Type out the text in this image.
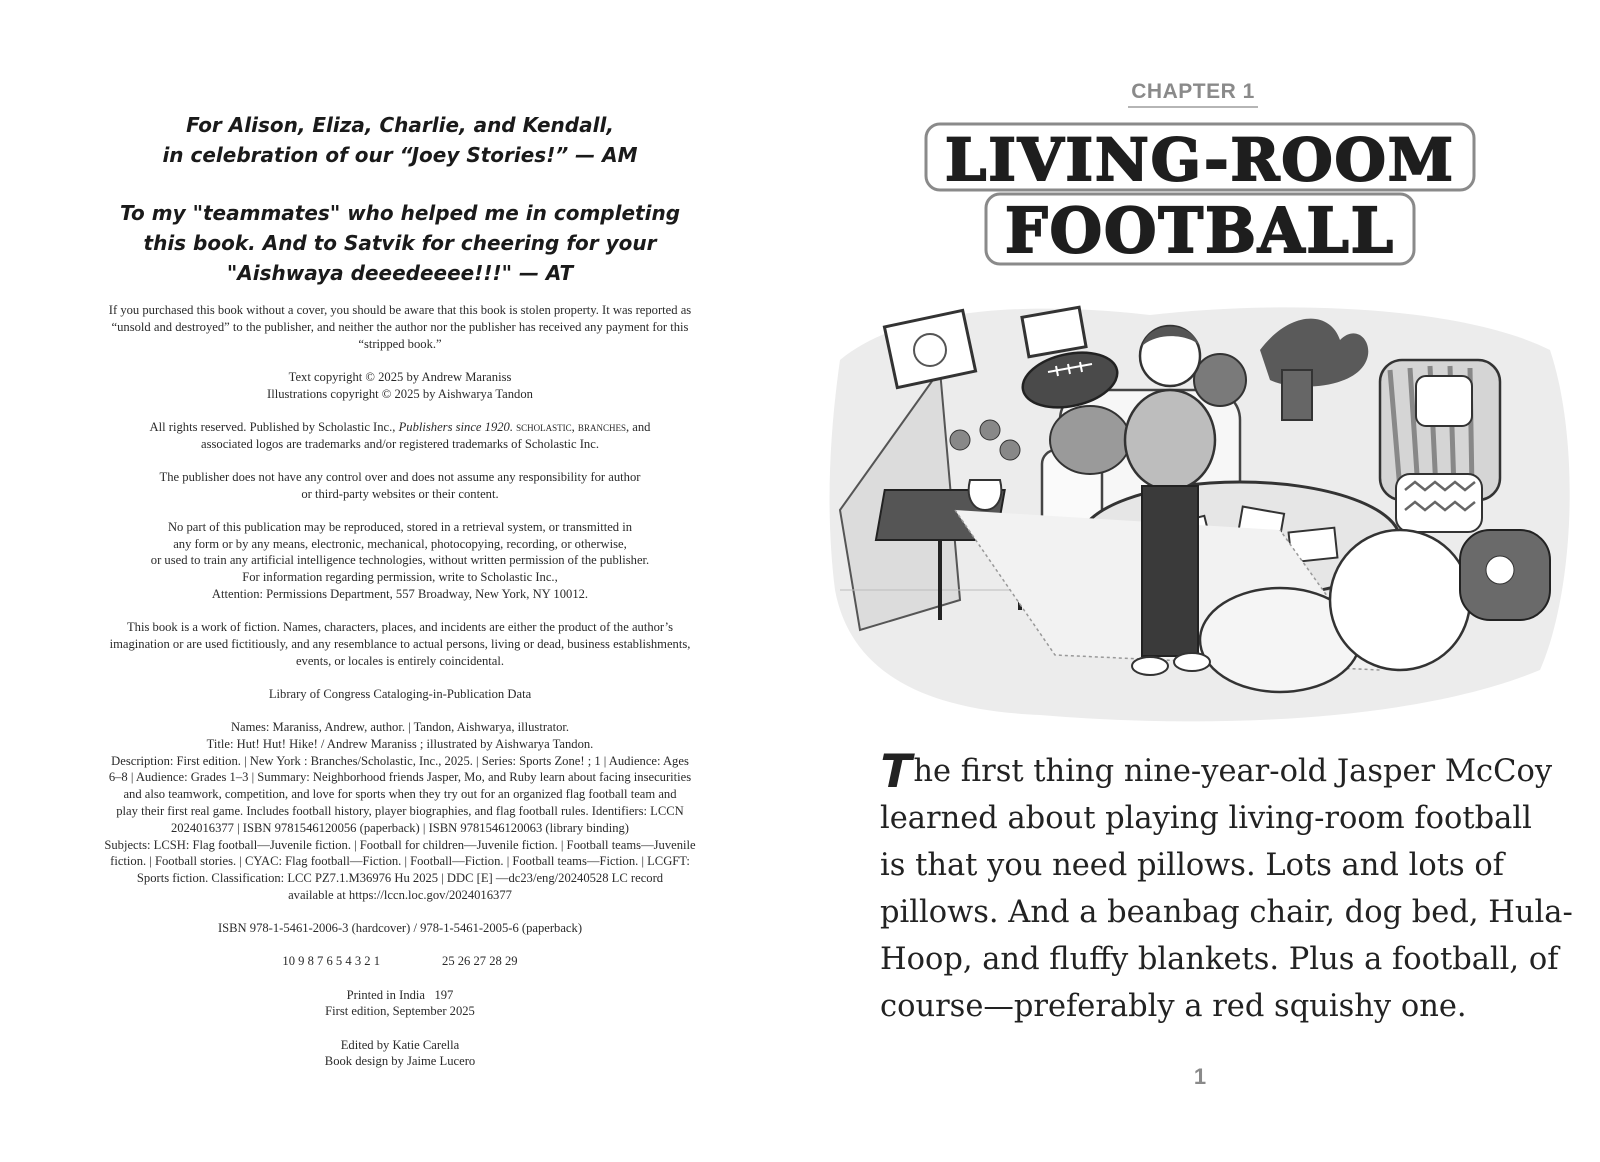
For Alison, Eliza, Charlie, and Kendall,
in celebration of our “Joey Stories!” — AM
To my "teammates" who helped me in completing
this book. And to Satvik for cheering for your
"Aishwaya deeedeeee!!!" — AT

If you purchased this book without a cover, you should be aware that this book is stolen property. It was reported as
“unsold and destroyed” to the publisher, and neither the author nor the publisher has received any payment for this
“stripped book.”

Text copyright © 2025 by Andrew Maraniss
Illustrations copyright © 2025 by Aishwarya Tandon

All rights reserved. Published by Scholastic Inc., Publishers since 1920. scholastic, branches, and
associated logos are trademarks and/or registered trademarks of Scholastic Inc.

The publisher does not have any control over and does not assume any responsibility for author
or third-party websites or their content.

No part of this publication may be reproduced, stored in a retrieval system, or transmitted in
any form or by any means, electronic, mechanical, photocopying, recording, or otherwise,
or used to train any artificial intelligence technologies, without written permission of the publisher.
For information regarding permission, write to Scholastic Inc.,
Attention: Permissions Department, 557 Broadway, New York, NY 10012.

This book is a work of fiction. Names, characters, places, and incidents are either the product of the author’s
imagination or are used fictitiously, and any resemblance to actual persons, living or dead, business establishments,
events, or locales is entirely coincidental.

Library of Congress Cataloging-in-Publication Data

Names: Maraniss, Andrew, author. | Tandon, Aishwarya, illustrator.
Title: Hut! Hut! Hike! / Andrew Maraniss ; illustrated by Aishwarya Tandon.
Description: First edition. | New York : Branches/Scholastic, Inc., 2025. | Series: Sports Zone! ; 1 | Audience: Ages
6–8 | Audience: Grades 1–3 | Summary: Neighborhood friends Jasper, Mo, and Ruby learn about facing insecurities
and also teamwork, competition, and love for sports when they try out for an organized flag football team and
play their first real game. Includes football history, player biographies, and flag football rules. Identifiers: LCCN
2024016377 | ISBN 9781546120056 (paperback) | ISBN 9781546120063 (library binding)
Subjects: LCSH: Flag football—Juvenile fiction. | Football for children—Juvenile fiction. | Football teams—Juvenile
fiction. | Football stories. | CYAC: Flag football—Fiction. | Football—Fiction. | Football teams—Fiction. | LCGFT:
Sports fiction. Classification: LCC PZ7.1.M36976 Hu 2025 | DDC [E] —dc23/eng/20240528 LC record
available at https://lccn.loc.gov/2024016377

ISBN 978-1-5461-2006-3 (hardcover) / 978-1-5461-2005-6 (paperback)

10 9 8 7 6 5 4 3 2 1	25 26 27 28 29

Printed in India   197
First edition, September 2025

Edited by Katie Carella
Book design by Jaime Lucero

CHAPTER 1
LIVING-ROOM
FOOTBALL
The first thing nine-year-old Jasper McCoy
learned about playing living-room football
is that you need pillows. Lots and lots of
pillows. And a beanbag chair, dog bed, Hula-
Hoop, and fluffy blankets. Plus a football, of
course—preferably a red squishy one.
1
